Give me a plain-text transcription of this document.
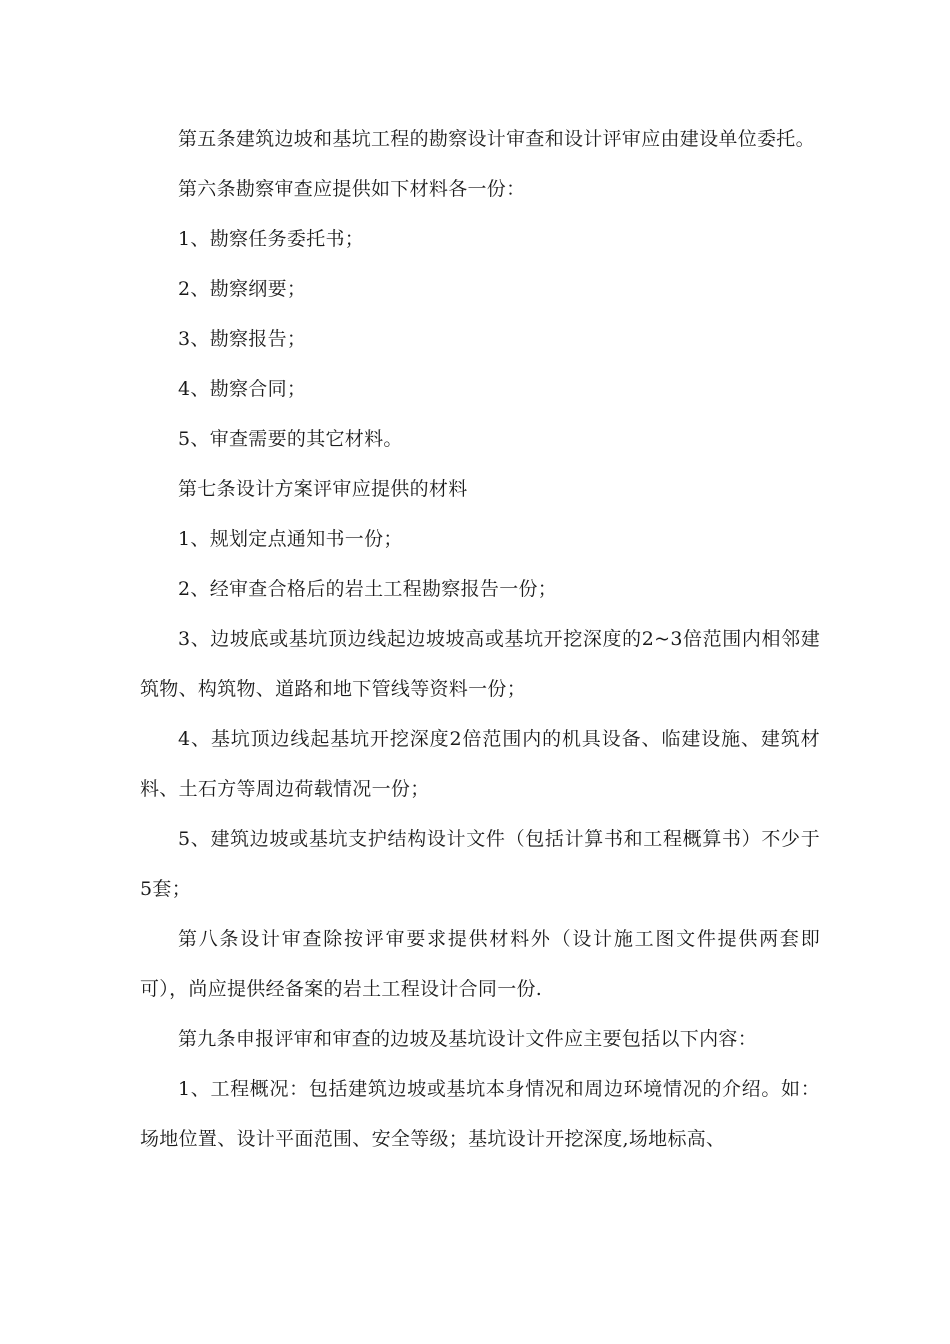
第五条建筑边坡和基坑工程的勘察设计审查和设计评审应由建设单位委托。

第六条勘察审查应提供如下材料各一份：

1、勘察任务委托书；

2、勘察纲要；

3、勘察报告；

4、勘察合同；

5、审查需要的其它材料。

第七条设计方案评审应提供的材料

1、规划定点通知书一份；

2、经审查合格后的岩土工程勘察报告一份；

3、边坡底或基坑顶边线起边坡坡高或基坑开挖深度的2~3倍范围内相邻建筑物、构筑物、道路和地下管线等资料一份；

4、基坑顶边线起基坑开挖深度2倍范围内的机具设备、临建设施、建筑材料、土石方等周边荷载情况一份；

5、建筑边坡或基坑支护结构设计文件（包括计算书和工程概算书）不少于5套；

第八条设计审查除按评审要求提供材料外（设计施工图文件提供两套即可），尚应提供经备案的岩土工程设计合同一份.

第九条申报评审和审查的边坡及基坑设计文件应主要包括以下内容：

1、工程概况：包括建筑边坡或基坑本身情况和周边环境情况的介绍。如：场地位置、设计平面范围、安全等级；基坑设计开挖深度,场地标高、
